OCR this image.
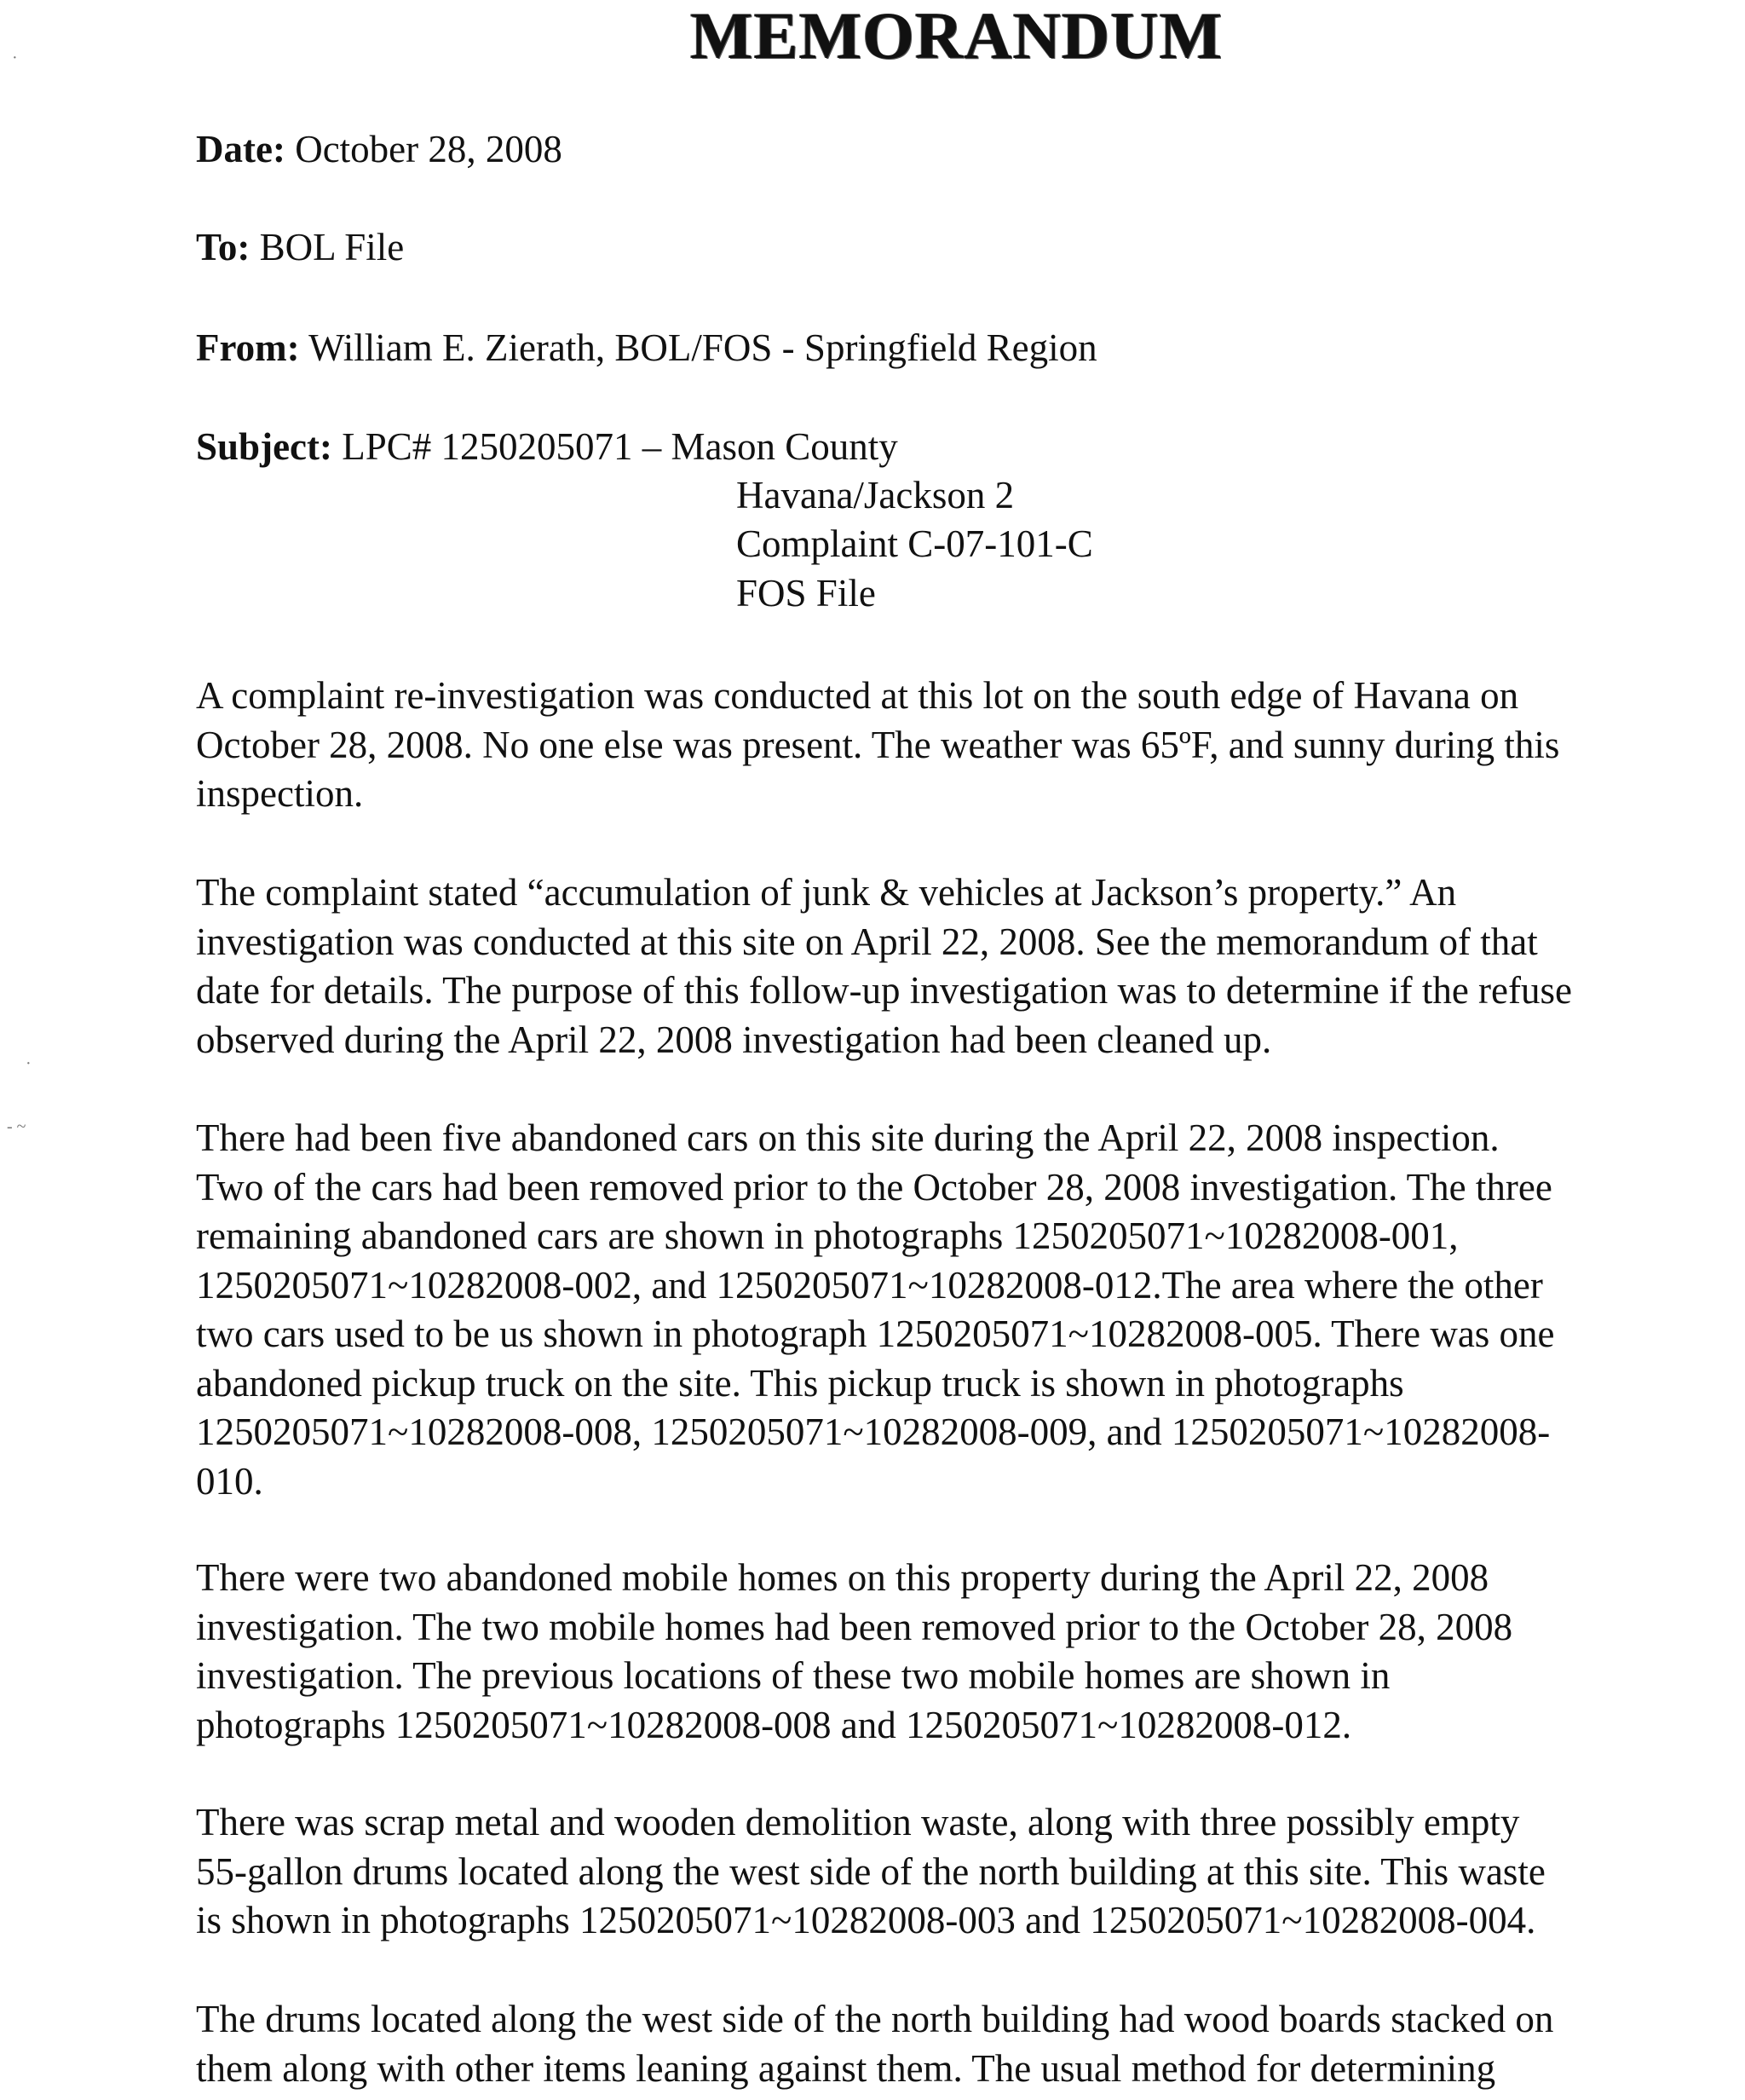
MEMORANDUM
Date: October 28, 2008
To: BOL File
From: William E. Zierath, BOL/FOS - Springfield Region
Subject: LPC# 1250205071 – Mason County
Havana/Jackson 2
Complaint C-07-101-C
FOS File
A complaint re-investigation was conducted at this lot on the south edge of Havana on
October 28, 2008. No one else was present. The weather was 65ºF, and sunny during this
inspection.
The complaint stated “accumulation of junk & vehicles at Jackson’s property.” An
investigation was conducted at this site on April 22, 2008. See the memorandum of that
date for details. The purpose of this follow-up investigation was to determine if the refuse
observed during the April 22, 2008 investigation had been cleaned up.
There had been five abandoned cars on this site during the April 22, 2008 inspection.
Two of the cars had been removed prior to the October 28, 2008 investigation. The three
remaining abandoned cars are shown in photographs 1250205071~10282008-001,
1250205071~10282008-002, and 1250205071~10282008-012.The area where the other
two cars used to be us shown in photograph 1250205071~10282008-005. There was one
abandoned pickup truck on the site. This pickup truck is shown in photographs
1250205071~10282008-008, 1250205071~10282008-009, and 1250205071~10282008-
010.
There were two abandoned mobile homes on this property during the April 22, 2008
investigation. The two mobile homes had been removed prior to the October 28, 2008
investigation. The previous locations of these two mobile homes are shown in
photographs 1250205071~10282008-008 and 1250205071~10282008-012.
There was scrap metal and wooden demolition waste, along with three possibly empty
55-gallon drums located along the west side of the north building at this site. This waste
is shown in photographs 1250205071~10282008-003 and 1250205071~10282008-004.
The drums located along the west side of the north building had wood boards stacked on
them along with other items leaning against them. The usual method for determining
·
·
- ~
